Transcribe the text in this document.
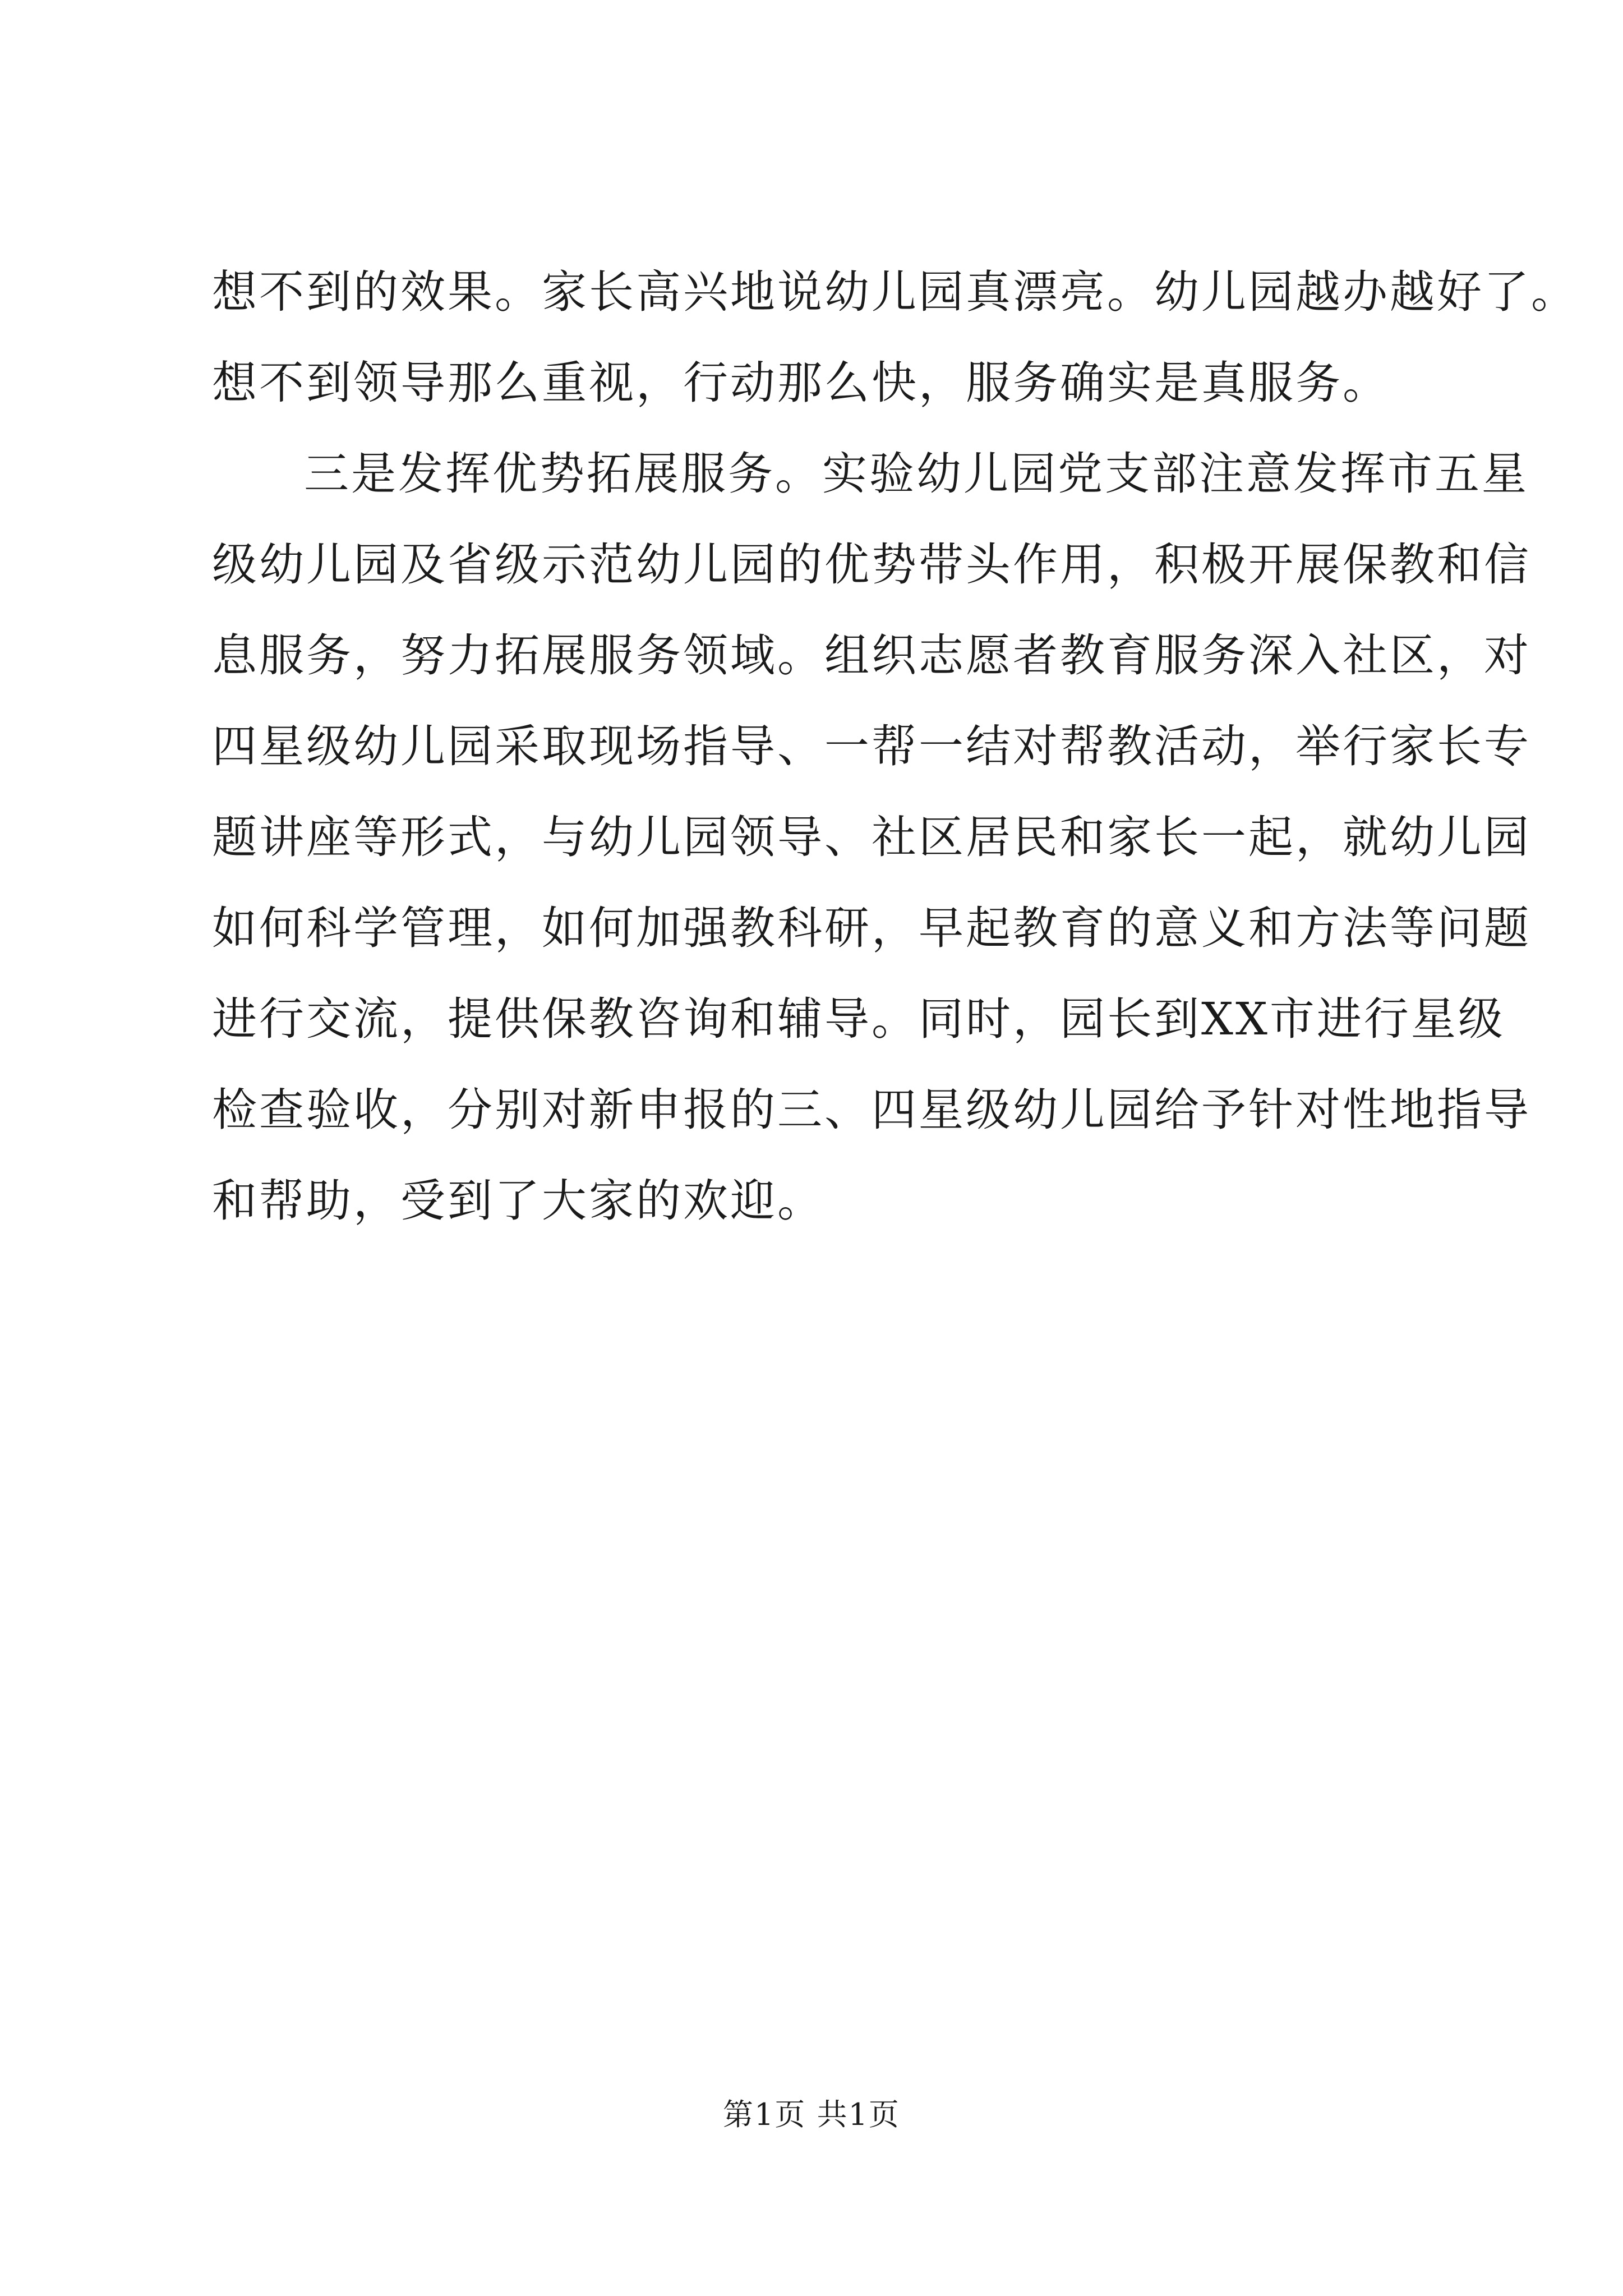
想不到的效果。家长高兴地说幼儿园真漂亮。幼儿园越办越好了。
想不到领导那么重视，行动那么快，服务确实是真服务。
三是发挥优势拓展服务。实验幼儿园党支部注意发挥市五星
级幼儿园及省级示范幼儿园的优势带头作用，积极开展保教和信
息服务，努力拓展服务领域。组织志愿者教育服务深入社区，对
四星级幼儿园采取现场指导、一帮一结对帮教活动，举行家长专
题讲座等形式，与幼儿园领导、社区居民和家长一起，就幼儿园
如何科学管理，如何加强教科研，早起教育的意义和方法等问题
进行交流，提供保教咨询和辅导。同时，园长到XX市进行星级
检查验收，分别对新申报的三、四星级幼儿园给予针对性地指导
和帮助，受到了大家的欢迎。
第1页 共1页
